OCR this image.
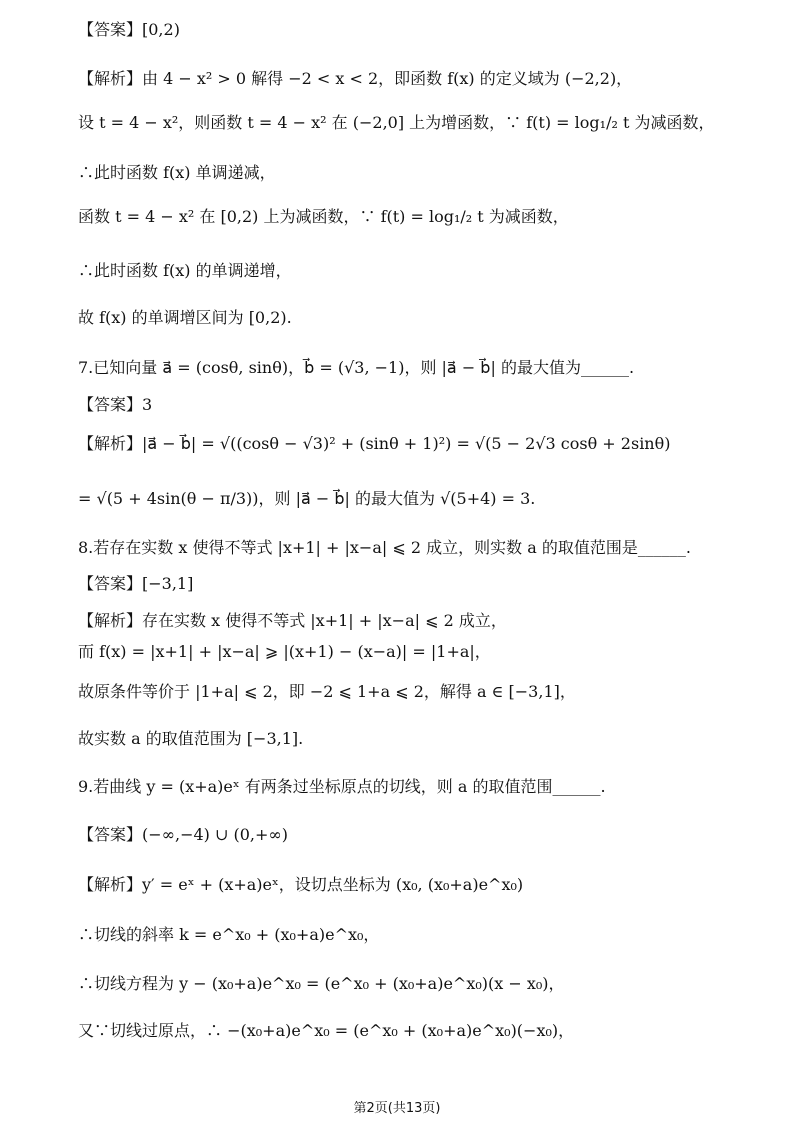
【答案】[0,2)
【解析】由 4 − x² > 0 解得 −2 < x < 2，即函数 f(x) 的定义域为 (−2,2)，
设 t = 4 − x²，则函数 t = 4 − x² 在 (−2,0] 上为增函数，∵ f(t) = log₁/₂ t 为减函数，
∴此时函数 f(x) 单调递减，
函数 t = 4 − x² 在 [0,2) 上为减函数，∵ f(t) = log₁/₂ t 为减函数，
∴此时函数 f(x) 的单调递增，
故 f(x) 的单调增区间为 [0,2).
7.已知向量 a⃗ = (cosθ, sinθ)，b⃗ = (√3, −1)，则 |a⃗ − b⃗| 的最大值为______.
【答案】3
【解析】|a⃗ − b⃗| = √((cosθ − √3)² + (sinθ + 1)²) = √(5 − 2√3 cosθ + 2sinθ)
= √(5 + 4sin(θ − π/3))，则 |a⃗ − b⃗| 的最大值为 √(5+4) = 3.
8.若存在实数 x 使得不等式 |x+1| + |x−a| ⩽ 2 成立，则实数 a 的取值范围是______.
【答案】[−3,1]
【解析】存在实数 x 使得不等式 |x+1| + |x−a| ⩽ 2 成立，
而 f(x) = |x+1| + |x−a| ⩾ |(x+1) − (x−a)| = |1+a|，
故原条件等价于 |1+a| ⩽ 2，即 −2 ⩽ 1+a ⩽ 2，解得 a ∈ [−3,1]，
故实数 a 的取值范围为 [−3,1].
9.若曲线 y = (x+a)eˣ 有两条过坐标原点的切线，则 a 的取值范围______.
【答案】(−∞,−4) ∪ (0,+∞)
【解析】y′ = eˣ + (x+a)eˣ，设切点坐标为 (x₀, (x₀+a)e^x₀)
∴切线的斜率 k = e^x₀ + (x₀+a)e^x₀，
∴切线方程为 y − (x₀+a)e^x₀ = (e^x₀ + (x₀+a)e^x₀)(x − x₀)，
又∵切线过原点，∴ −(x₀+a)e^x₀ = (e^x₀ + (x₀+a)e^x₀)(−x₀)，
第2页(共13页)
